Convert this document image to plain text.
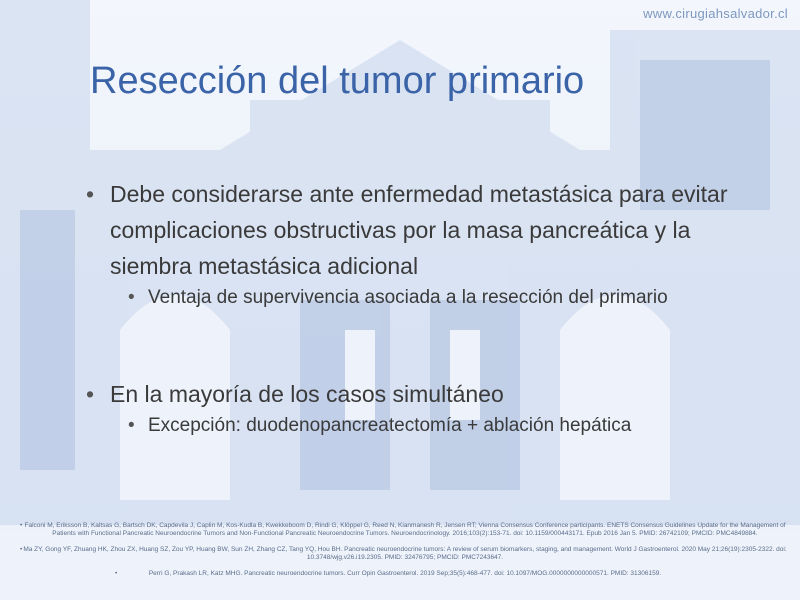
www.cirugiahsalvador.cl
Resección del tumor primario
• Debe considerarse ante enfermedad metastásica para evitar complicaciones obstructivas por la masa pancreática y la siembra metastásica adicional
• Ventaja de supervivencia asociada a la resección del primario
• En la mayoría de los casos simultáneo
• Excepción: duodenopancreatectomía + ablación hepática
• Falconi M, Eriksson B, Kaltsas G, Bartsch DK, Capdevila J, Caplin M, Kos-Kudla B, Kwekkeboom D, Rindi G, Klöppel G, Reed N, Kianmanesh R, Jensen RT; Vienna Consensus Conference participants. ENETS Consensus Guidelines Update for the Management of Patients with Functional Pancreatic Neuroendocrine Tumors and Non-Functional Pancreatic Neuroendocrine Tumors. Neuroendocrinology. 2016;103(2):153-71. doi: 10.1159/000443171. Epub 2016 Jan 5. PMID: 26742109; PMCID: PMC4849884.
• Ma ZY, Gong YF, Zhuang HK, Zhou ZX, Huang SZ, Zou YP, Huang BW, Sun ZH, Zhang CZ, Tang YQ, Hou BH. Pancreatic neuroendocrine tumors: A review of serum biomarkers, staging, and management. World J Gastroenterol. 2020 May 21;26(19):2305-2322. doi: 10.3748/wjg.v26.i19.2305. PMID: 32476795; PMCID: PMC7243647.
• Perri G, Prakash LR, Katz MHG. Pancreatic neuroendocrine tumors. Curr Opin Gastroenterol. 2019 Sep;35(5):468-477. doi: 10.1097/MOG.0000000000000571. PMID: 31306159.
